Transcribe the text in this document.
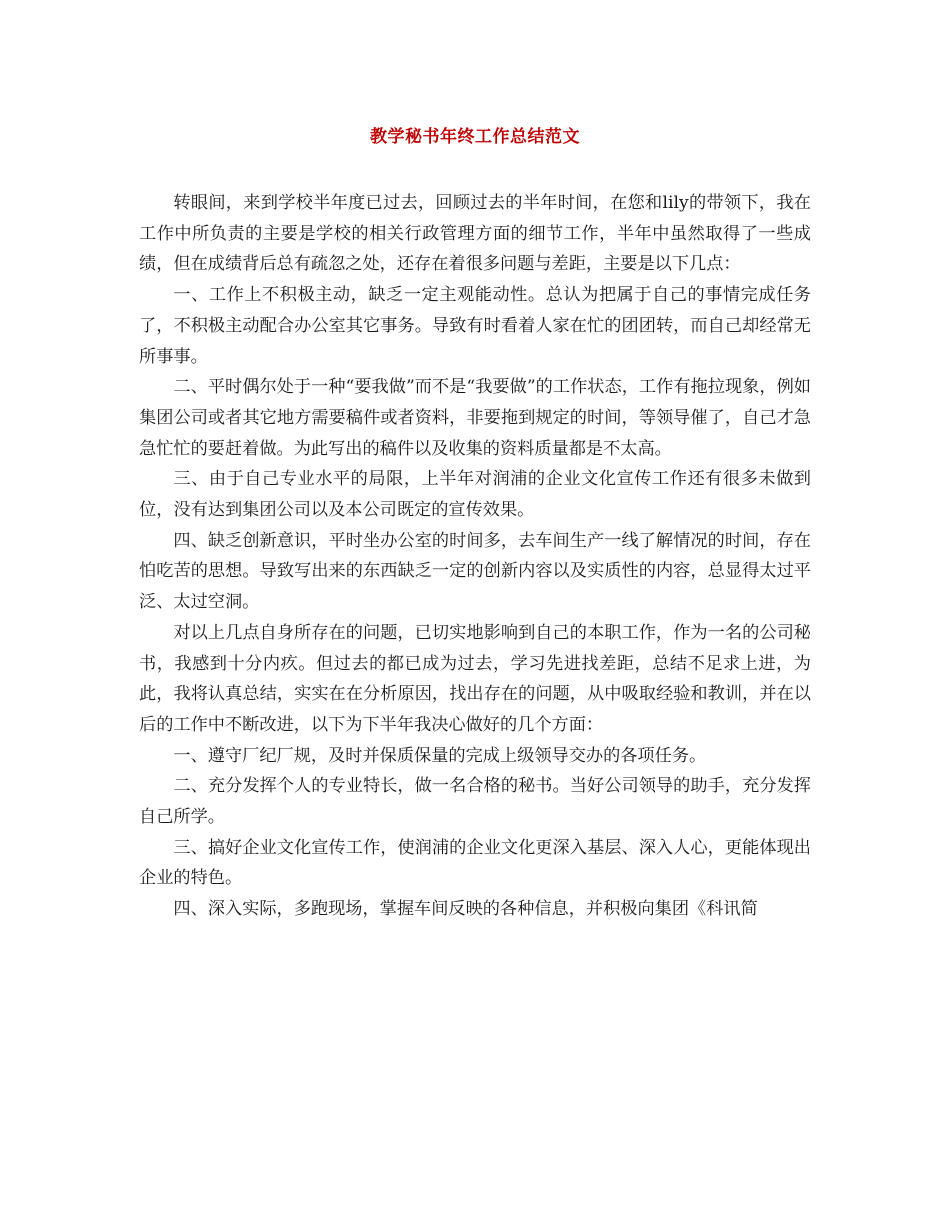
教学秘书年终工作总结范文

转眼间，来到学校半年度已过去，回顾过去的半年时间，在您和lily的带领下，我在工作中所负责的主要是学校的相关行政管理方面的细节工作，半年中虽然取得了一些成绩，但在成绩背后总有疏忽之处，还存在着很多问题与差距，主要是以下几点：

一、工作上不积极主动，缺乏一定主观能动性。总认为把属于自己的事情完成任务了，不积极主动配合办公室其它事务。导致有时看着人家在忙的团团转，而自己却经常无所事事。

二、平时偶尔处于一种“要我做”而不是“我要做”的工作状态，工作有拖拉现象，例如集团公司或者其它地方需要稿件或者资料，非要拖到规定的时间，等领导催了，自己才急急忙忙的要赶着做。为此写出的稿件以及收集的资料质量都是不太高。

三、由于自己专业水平的局限，上半年对润浦的企业文化宣传工作还有很多未做到位，没有达到集团公司以及本公司既定的宣传效果。

四、缺乏创新意识，平时坐办公室的时间多，去车间生产一线了解情况的时间，存在怕吃苦的思想。导致写出来的东西缺乏一定的创新内容以及实质性的内容，总显得太过平泛、太过空洞。

对以上几点自身所存在的问题，已切实地影响到自己的本职工作，作为一名的公司秘书，我感到十分内疚。但过去的都已成为过去，学习先进找差距，总结不足求上进，为此，我将认真总结，实实在在分析原因，找出存在的问题，从中吸取经验和教训，并在以后的工作中不断改进，以下为下半年我决心做好的几个方面：

一、遵守厂纪厂规，及时并保质保量的完成上级领导交办的各项任务。

二、充分发挥个人的专业特长，做一名合格的秘书。当好公司领导的助手，充分发挥自己所学。

三、搞好企业文化宣传工作，使润浦的企业文化更深入基层、深入人心，更能体现出企业的特色。

四、深入实际，多跑现场，掌握车间反映的各种信息，并积极向集团《科讯简
